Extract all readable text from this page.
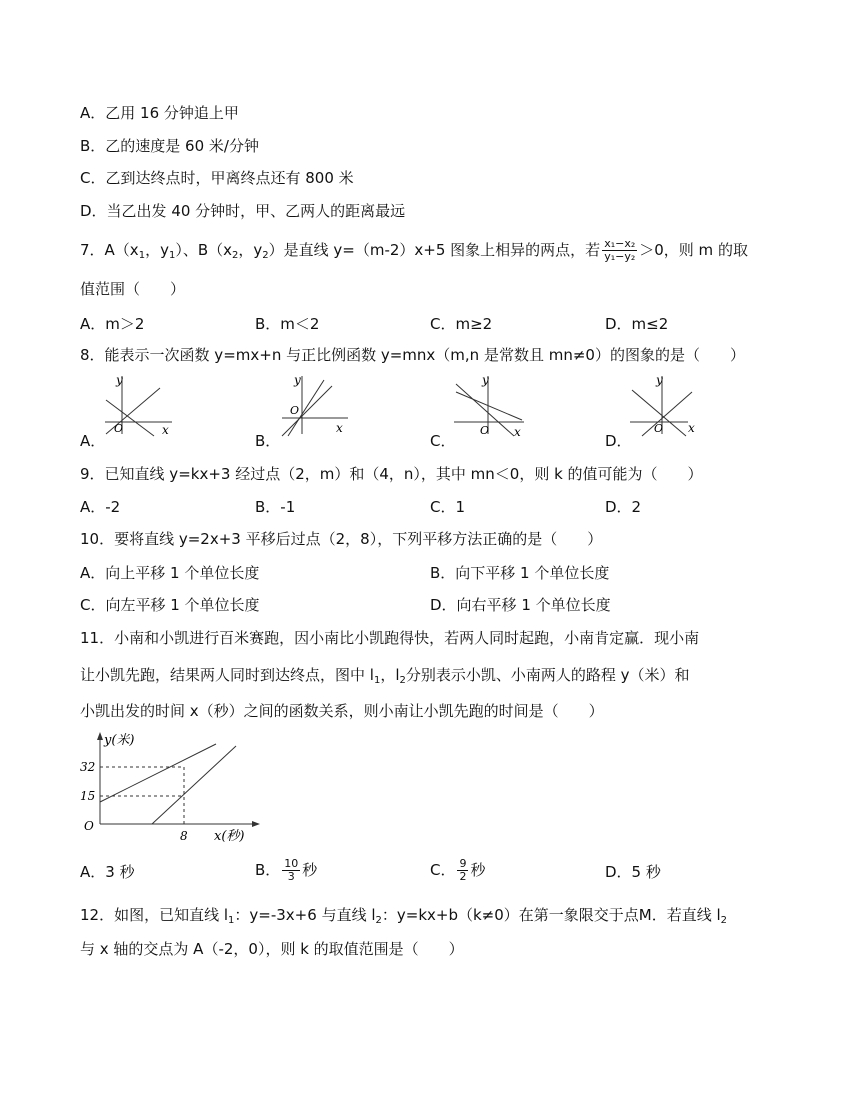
A．乙用 16 分钟追上甲
B．乙的速度是 60 米/分钟
C．乙到达终点时，甲离终点还有 800 米
D．当乙出发 40 分钟时，甲、乙两人的距离最远
7．$A(x_1$，$y_1$）、$B(x_2$，$y_2$）是直线 y=（m-2）x+5 图象上相异的两点，若 $\frac{\text{x₁−x₂}}{\text{y₁−y₂}} >0$，则 m 的取
值范围（　　）
A．m＞2	B．m＜2	C．m≥2	D．m≤2
8．能表示一次函数 y=mx+n 与正比例函数 y=mnx（m,n 是常数且 mn≠0）的图象的是（　　）
A．
y
x
O
B．
y
x
O
C．
y
x
O
D．
y
x
O
9．已知直线 y=kx+3 经过点（2，m）和（4，n），其中 mn＜0，则 k 的值可能为（　　）
A．-2	B．-1	C．1	D．2
10．要将直线 y=2x+3 平移后过点（2，8），下列平移方法正确的是（　　）
A．向上平移 1 个单位长度	B．向下平移 1 个单位长度
C．向左平移 1 个单位长度	D．向右平移 1 个单位长度
11．小南和小凯进行百米赛跑，因小南比小凯跑得快，若两人同时起跑，小南肯定赢．现小南
让小凯先跑，结果两人同时到达终点，图中 $l_1$，$l_2$分别表示小凯、小南两人的路程 y（米）和
小凯出发的时间 x（秒）之间的函数关系，则小南让小凯先跑的时间是（　　）
y(米)
x(秒)
O
32
15
8
A．3 秒	B． $\frac{10}{3}$ 秒	C． $\frac{9}{2}$ 秒	D．5 秒
12．如图，已知直线 $l_1$：y=-3x+6 与直线 $l_2$：y=kx+b（k≠0）在第一象限交于点M．若直线 $l_2$
与 x 轴的交点为 A（-2，0），则 k 的取值范围是（　　）
